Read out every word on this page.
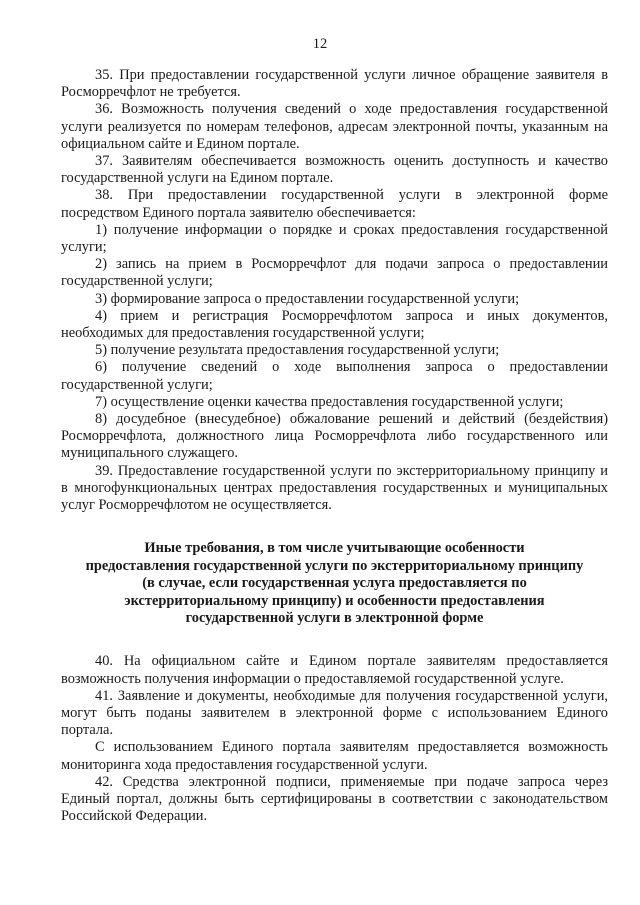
12

35. При предоставлении государственной услуги личное обращение заявителя в Росморречфлот не требуется.

36. Возможность получения сведений о ходе предоставления государственной услуги реализуется по номерам телефонов, адресам электронной почты, указанным на официальном сайте и Едином портале.

37. Заявителям обеспечивается возможность оценить доступность и качество государственной услуги на Едином портале.

38. При предоставлении государственной услуги в электронной форме посредством Единого портала заявителю обеспечивается:

1) получение информации о порядке и сроках предоставления государственной услуги;

2) запись на прием в Росморречфлот для подачи запроса о предоставлении государственной услуги;

3) формирование запроса о предоставлении государственной услуги;

4) прием и регистрация Росморречфлотом запроса и иных документов, необходимых для предоставления государственной услуги;

5) получение результата предоставления государственной услуги;

6) получение сведений о ходе выполнения запроса о предоставлении государственной услуги;

7) осуществление оценки качества предоставления государственной услуги;

8) досудебное (внесудебное) обжалование решений и действий (бездействия) Росморречфлота, должностного лица Росморречфлота либо государственного или муниципального служащего.

39. Предоставление государственной услуги по экстерриториальному принципу и в многофункциональных центрах предоставления государственных и муниципальных услуг Росморречфлотом не осуществляется.

Иные требования, в том числе учитывающие особенности
предоставления государственной услуги по экстерриториальному принципу
(в случае, если государственная услуга предоставляется по
экстерриториальному принципу) и особенности предоставления
государственной услуги в электронной форме

40. На официальном сайте и Едином портале заявителям предоставляется возможность получения информации о предоставляемой государственной услуге.

41. Заявление и документы, необходимые для получения государственной услуги, могут быть поданы заявителем в электронной форме с использованием Единого портала.

С использованием Единого портала заявителям предоставляется возможность мониторинга хода предоставления государственной услуги.

42. Средства электронной подписи, применяемые при подаче запроса через Единый портал, должны быть сертифицированы в соответствии с законодательством Российской Федерации.
